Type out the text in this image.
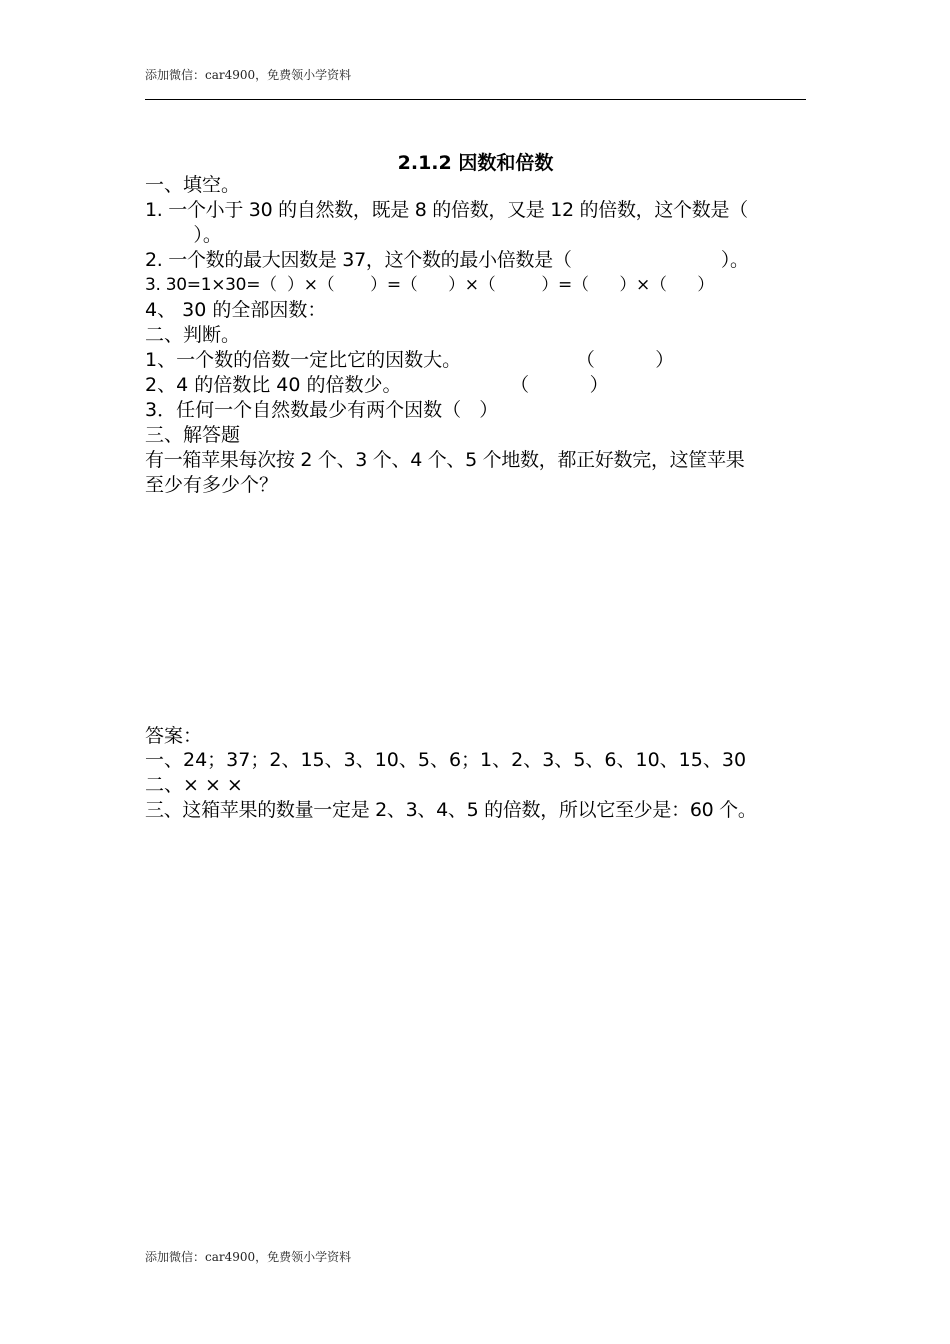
添加微信：car4900，免费领小学资料
2.1.2 因数和倍数
一、填空。
1. 一个小于 30 的自然数，既是 8 的倍数，又是 12 的倍数，这个数是（
）。
2. 一个数的最大因数是 37，这个数的最小倍数是（                          ）。
3. 30=1×30=（  ）×（       ）=（      ）×（         ）=（      ）×（      ）
4、 30 的全部因数：
二、判断。
1、一个数的倍数一定比它的因数大。                   （          ）
2、4 的倍数比 40 的倍数少。                  （          ）
3．任何一个自然数最少有两个因数（   ）
三、解答题
有一箱苹果每次按 2 个、3 个、4 个、5 个地数，都正好数完，这筐苹果
至少有多少个？
答案：
一、24；37；2、15、3、10、5、6；1、2、3、5、6、10、15、30
二、× × ×
三、这箱苹果的数量一定是 2、3、4、5 的倍数，所以它至少是：60 个。
添加微信：car4900，免费领小学资料
